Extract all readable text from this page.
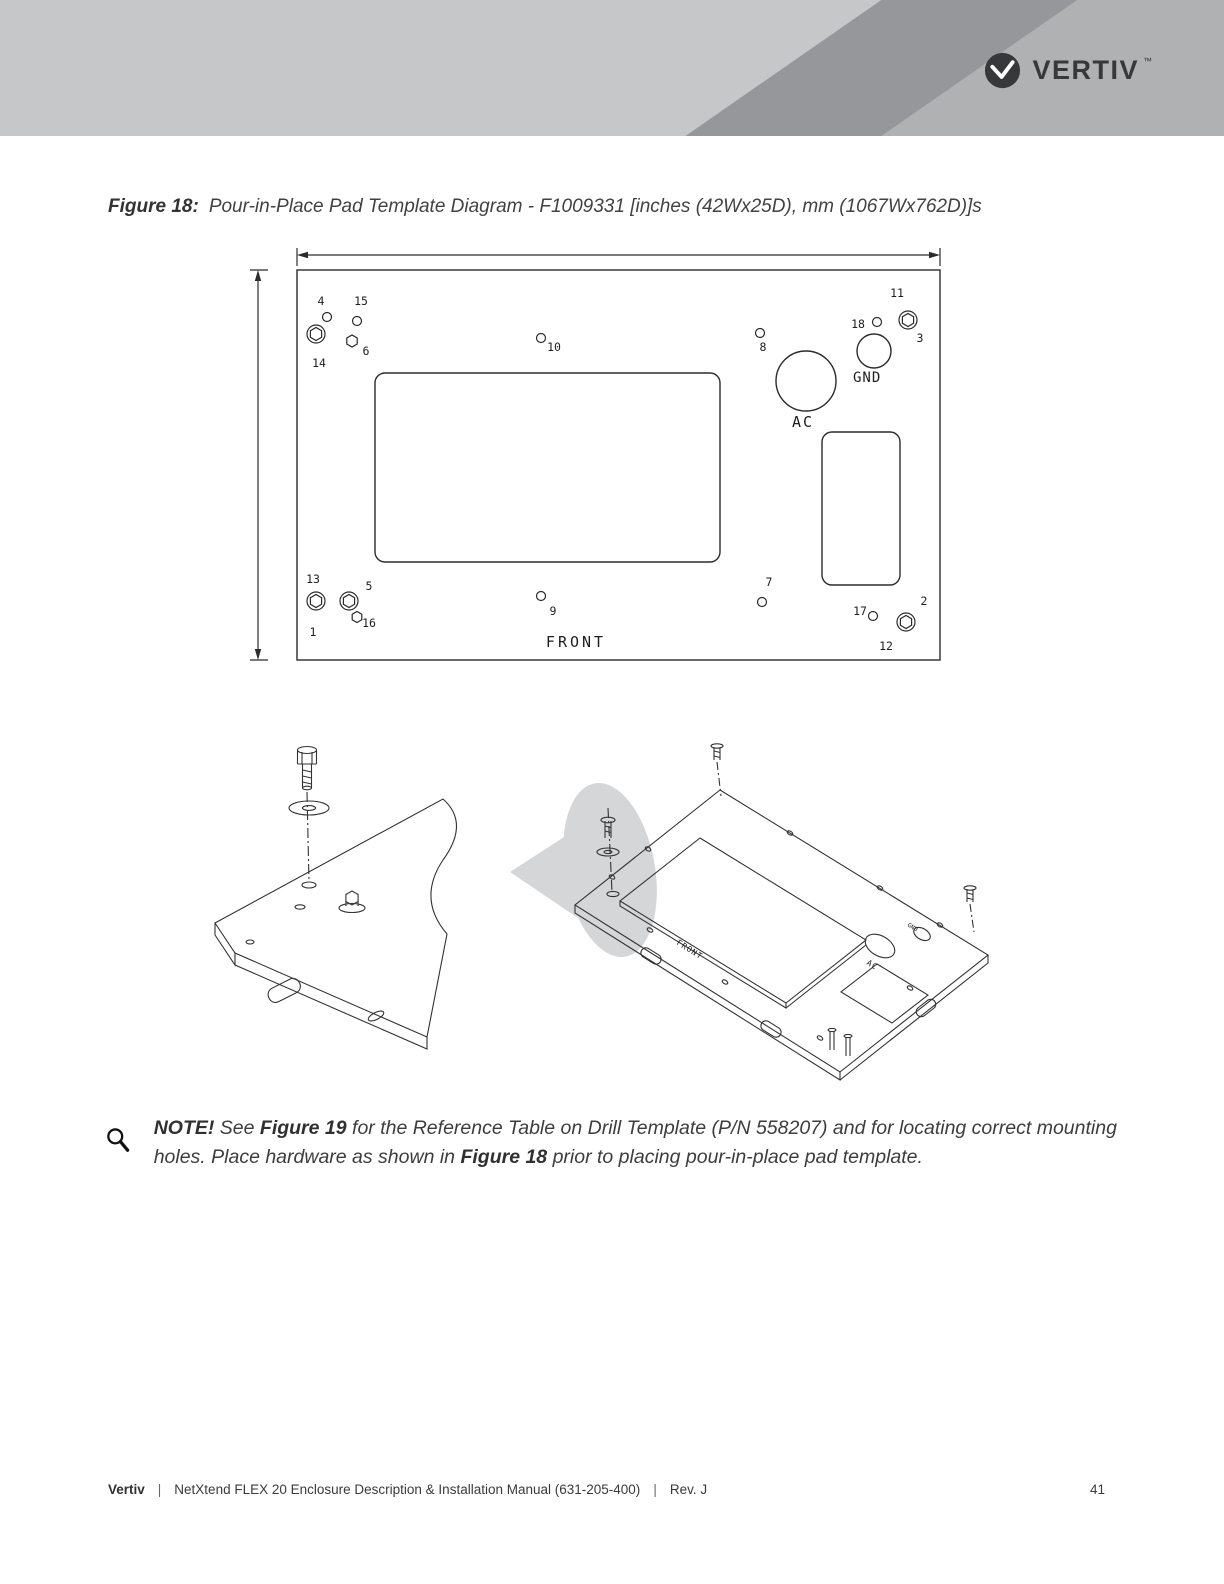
VERTIV ™
Figure 18: Pour-in-Place Pad Template Diagram - F1009331 [inches (42Wx25D), mm (1067Wx762D)]s
1
2
3
4
5
6
7
8
9
10
11
12
13
14
15
16
17
18
GND
AC
FRONT
FRONT
AC
GND

NOTE! See Figure 19 for the Reference Table on Drill Template (P/N 558207) and for locating correct mounting holes. Place hardware as shown in Figure 18 prior to placing pour-in-place pad template.

Vertiv | NetXtend FLEX 20 Enclosure Description & Installation Manual (631-205-400) | Rev. J	41
